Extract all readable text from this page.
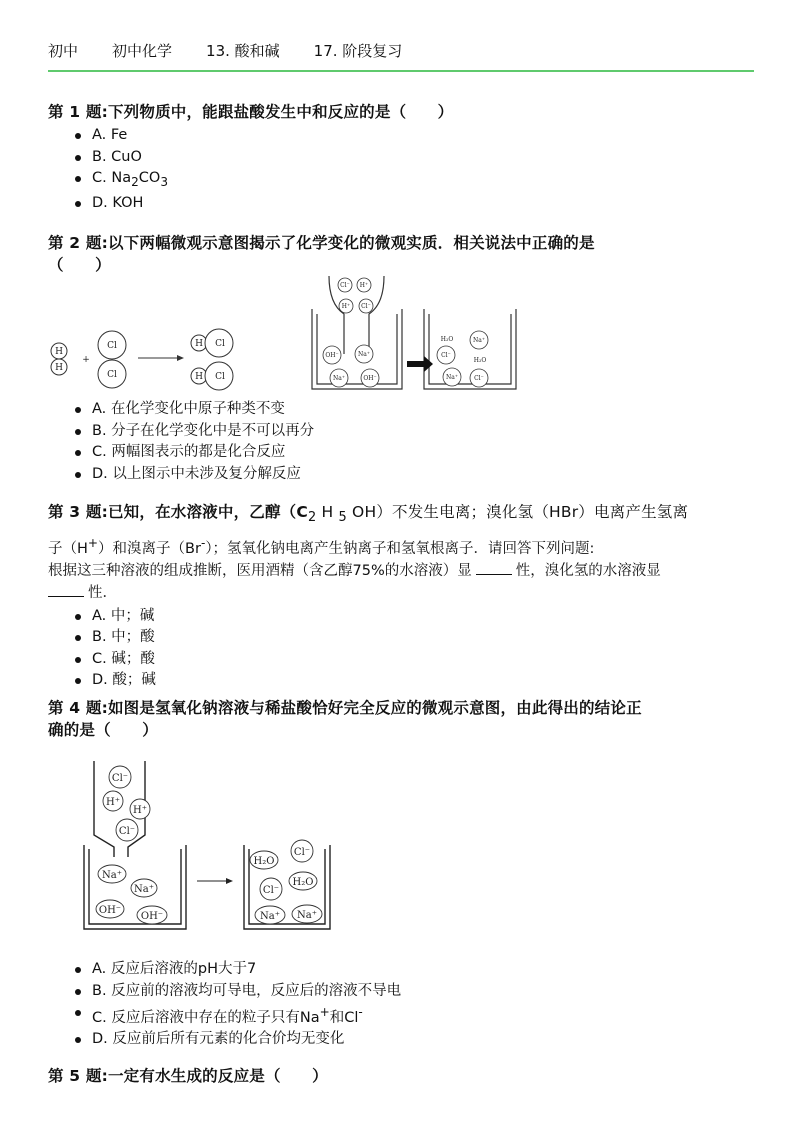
初中 初中化学 13. 酸和碱 17. 阶段复习
第 1 题:下列物质中，能跟盐酸发生中和反应的是（　　）
A. Fe
B. CuO
C. $Na_2CO_3$
D. KOH
第 2 题:以下两幅微观示意图揭示了化学变化的微观实质．相关说法中正确的是
（　　）
H
H
+
Cl
Cl
H Cl
H Cl
Cl⁻ H⁺
H⁺ Cl⁻
OH⁻	Na⁺
Na⁺	OH⁻
H₂O	Na⁺
Cl⁻
H₂O
Na⁺	Cl⁻
A. 在化学变化中原子种类不变
B. 分子在化学变化中是不可以再分
C. 两幅图表示的都是化合反应
D. 以上图示中未涉及复分解反应
第 3 题:已知，在水溶液中，乙醇（$C_2$ H $_5$ OH）不发生电离；溴化氢（HBr）电离产生氢离
子（H+）和溴离子（Br-）；氢氧化钠电离产生钠离子和氢氧根离子．请回答下列问题:
根据这三种溶液的组成推断，医用酒精（含乙醇75%的水溶液）显	性，溴化氢的水溶液显
性．
A. 中；碱
B. 中；酸
C. 碱；酸
D. 酸；碱
第 4 题:如图是氢氧化钠溶液与稀盐酸恰好完全反应的微观示意图，由此得出的结论正
确的是（　　）
Cl⁻
H⁺
H⁺
Cl⁻
Na⁺
Na⁺
OH⁻
OH⁻
H₂O
Cl⁻
H₂O
Cl⁻
Na⁺ Na⁺
A. 反应后溶液的pH大于7
B. 反应前的溶液均可导电，反应后的溶液不导电
C. 反应后溶液中存在的粒子只有Na+和Cl-
D. 反应前后所有元素的化合价均无变化
第 5 题:一定有水生成的反应是（　　）
